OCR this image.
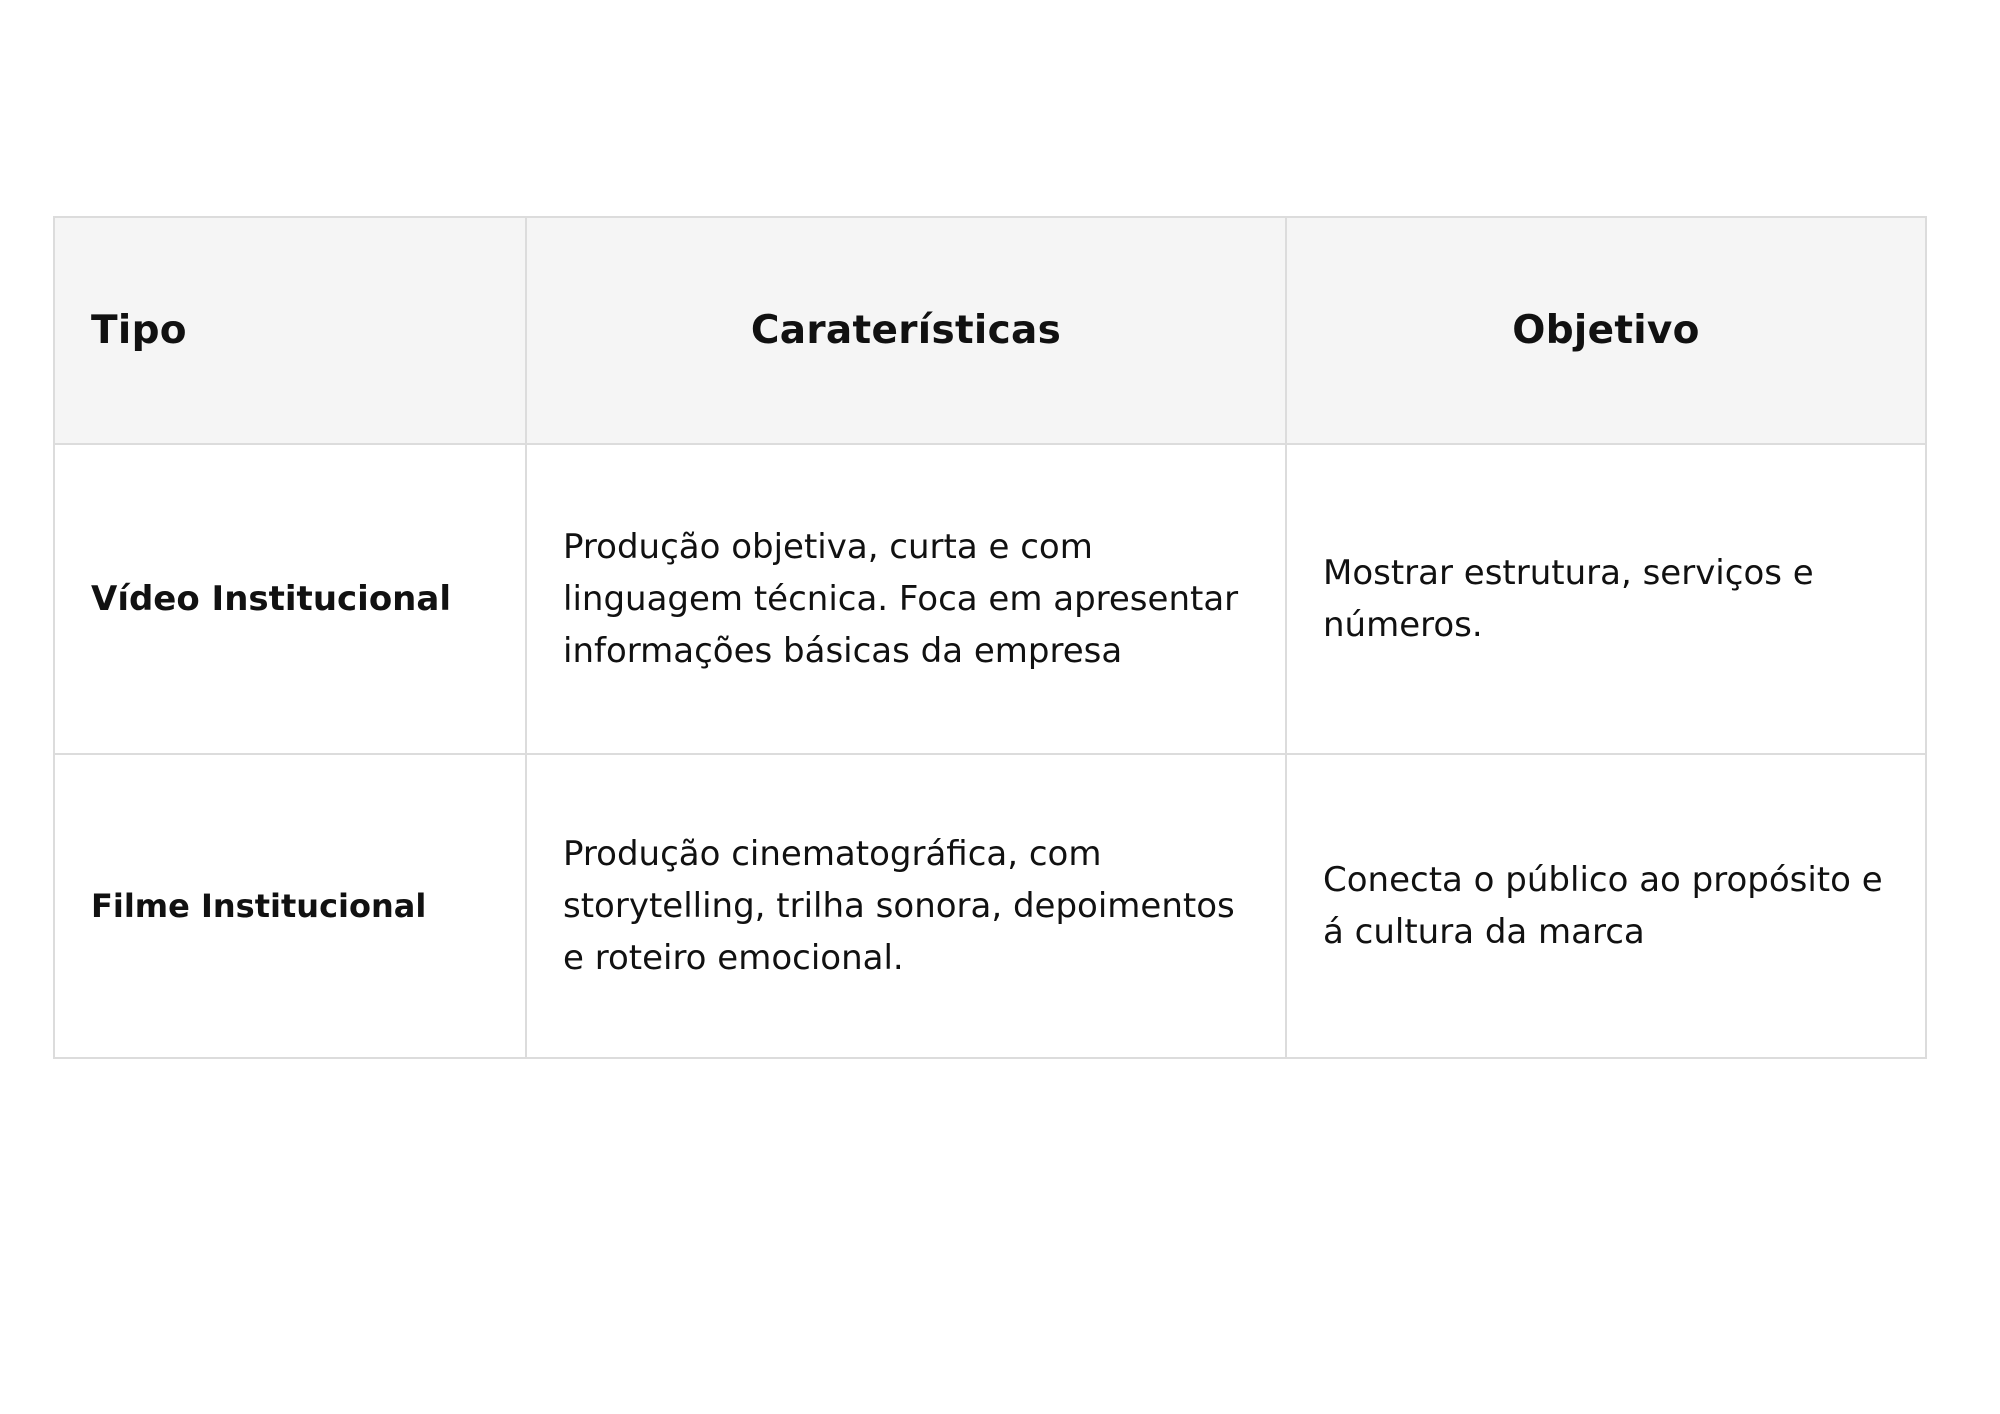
Tipo	Caraterísticas	Objetivo
Vídeo Institucional	Produção objetiva, curta e com linguagem técnica. Foca em apresentar informações básicas da empresa	Mostrar estrutura, serviços e números.
Filme Institucional	Produção cinematográfica, com storytelling, trilha sonora, depoimentos e roteiro emocional.	Conecta o público ao propósito e á cultura da marca
